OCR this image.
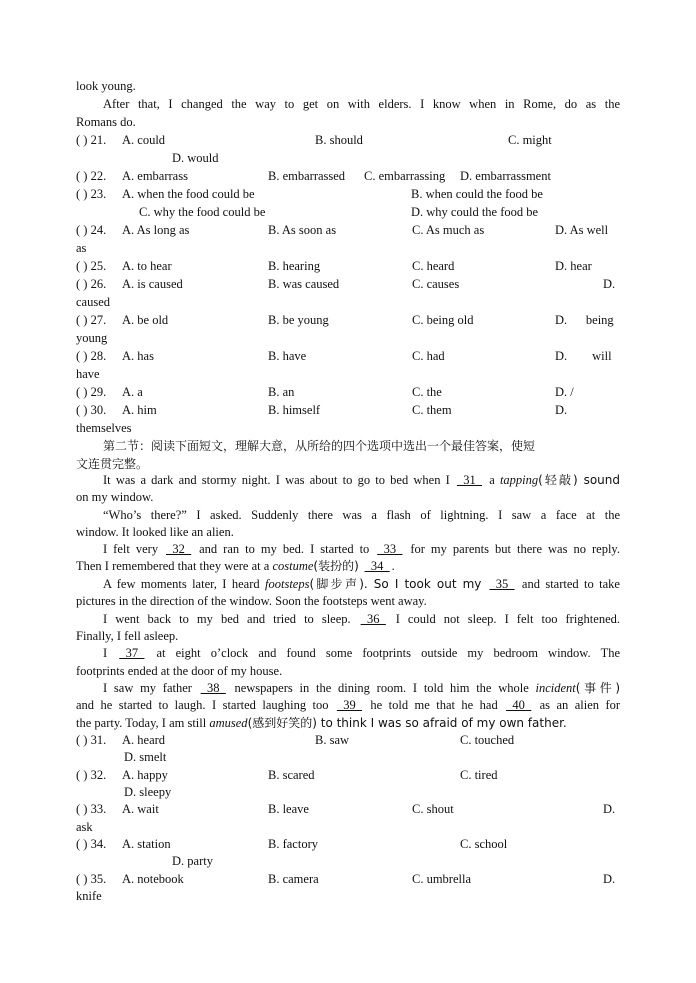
look young.
After that, I changed the way to get on with elders. I know when in Rome, do as the
Romans do.
( ) 21. A. could	B. should	C. might
D. would
( ) 22. A. embarrass	B. embarrassed C. embarrassing D. embarrassment
( ) 23. A. when the food could be	B. when could the food be
C. why the food could be	D. why could the food be
( ) 24. A. As long as	B. As soon as	C. As much as	D. As well
as
( ) 25. A. to hear	B. hearing	C. heard	D. hear
( ) 26. A. is caused	B. was caused	C. causes	D.
caused
( ) 27. A. be old	B. be young	C. being old	D.      being
young
( ) 28. A. has	B. have	C. had	D.        will
have
( ) 29. A. a	B. an	C. the	D. /
( ) 30. A. him	B. himself	C. them	D.
themselves
第二节：阅读下面短文，理解大意，从所给的四个选项中选出一个最佳答案，使短
文连贯完整。
It was a dark and stormy night. I was about to go to bed when I _31_ a tapping(轻敲) sound
on my window.
“Who’s there?” I asked. Suddenly there was a flash of lightning. I saw a face at the
window. It looked like an alien.
I felt very _32_ and ran to my bed. I started to _33_ for my parents but there was no reply.
Then I remembered that they were at a costume(装扮的) _34_ .
A few moments later, I heard footsteps(脚步声). So I took out my _35_ and started to take
pictures in the direction of the window. Soon the footsteps went away.
I went back to my bed and tried to sleep. _36_ I could not sleep. I felt too frightened.
Finally, I fell asleep.
I _37_ at eight o’clock and found some footprints outside my bedroom window. The
footprints ended at the door of my house.
I saw my father _38_ newspapers in the dining room. I told him the whole incident(事件)
and he started to laugh. I started laughing too _39_ he told me that he had _40_ as an alien for
the party. Today, I am still amused(感到好笑的) to think I was so afraid of my own father.
( ) 31. A. heard	B. saw	C. touched
D. smelt
( ) 32. A. happy	B. scared	C. tired
D. sleepy
( ) 33. A. wait	B. leave	C. shout	D.
ask
( ) 34. A. station	B. factory	C. school
D. party
( ) 35. A. notebook	B. camera	C. umbrella	D.
knife
